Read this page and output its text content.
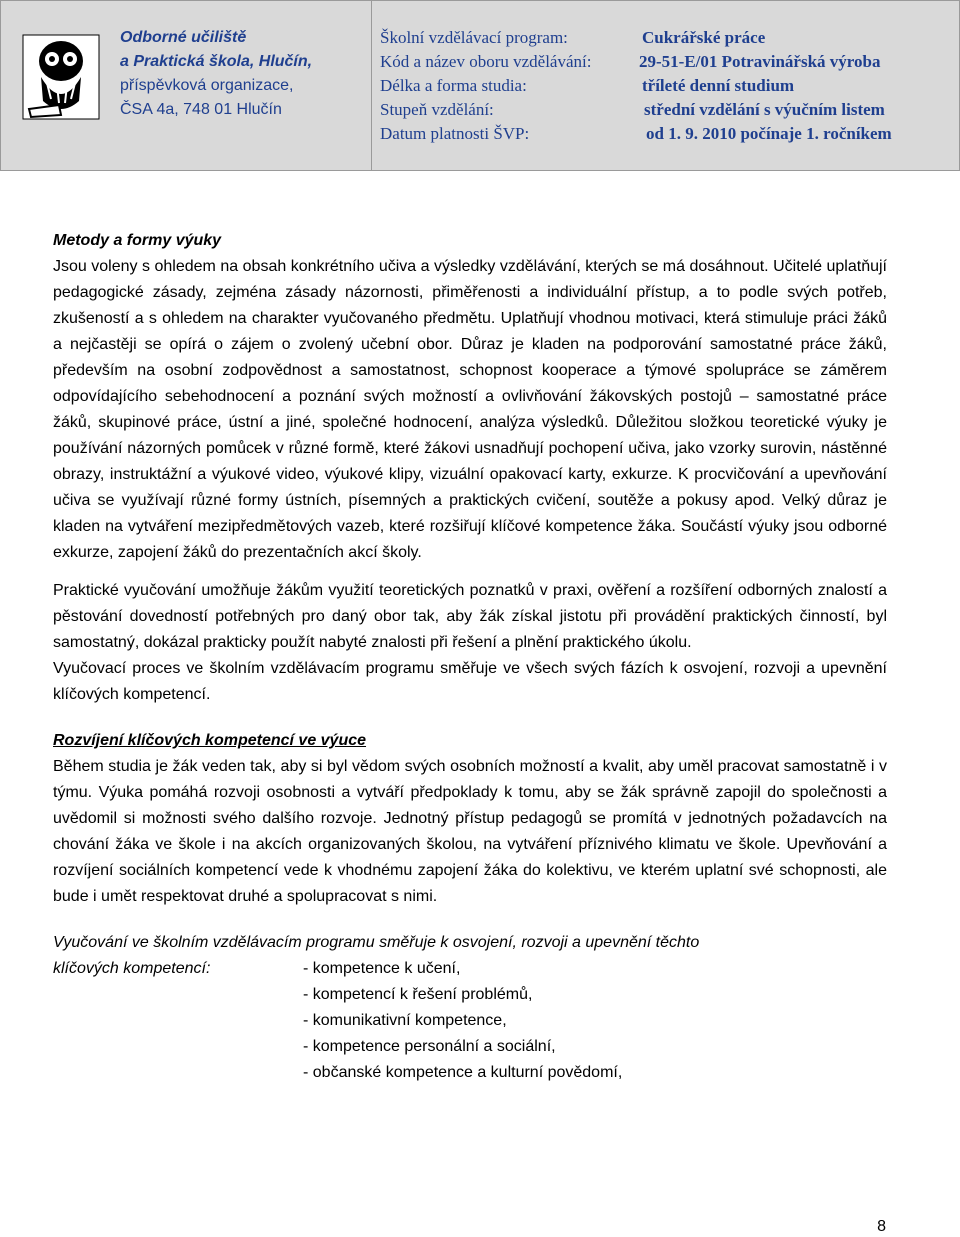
Odborné učiliště
a Praktická škola, Hlučín,
příspěvková organizace,
ČSA 4a, 748 01 Hlučín
Školní vzdělávací program:	Cukrářské práce
Kód a název oboru vzdělávání:	29-51-E/01 Potravinářská výroba
Délka a forma studia:	tříleté denní studium
Stupeň vzdělání:	střední vzdělání s výučním listem
Datum platnosti ŠVP:	od 1. 9. 2010 počínaje 1. ročníkem
Metody a formy výuky

Jsou voleny s ohledem na obsah konkrétního učiva a výsledky vzdělávání, kterých se má dosáhnout. Učitelé uplatňují pedagogické zásady, zejména zásady názornosti, přiměřenosti a individuální přístup, a to podle svých potřeb, zkušeností a s ohledem na charakter vyučovaného předmětu. Uplatňují vhodnou motivaci, která stimuluje práci žáků a nejčastěji se opírá o zájem o zvolený učební obor. Důraz je kladen na podporování samostatné práce žáků, především na osobní zodpovědnost a samostatnost, schopnost kooperace a týmové spolupráce se záměrem odpovídajícího sebehodnocení a poznání svých možností a ovlivňování žákovských postojů – samostatné práce žáků, skupinové práce, ústní a jiné, společné hodnocení, analýza výsledků. Důležitou složkou teoretické výuky je používání názorných pomůcek v různé formě, které žákovi usnadňují pochopení učiva, jako vzorky surovin, nástěnné obrazy, instruktážní a výukové video, výukové klipy, vizuální opakovací karty, exkurze. K procvičování a upevňování učiva se využívají různé formy ústních, písemných a praktických cvičení, soutěže a pokusy apod. Velký důraz je kladen na vytváření mezipředmětových vazeb, které rozšiřují klíčové kompetence žáka. Součástí výuky jsou odborné exkurze, zapojení žáků do prezentačních akcí školy.

Praktické vyučování umožňuje žákům využití teoretických poznatků v praxi, ověření a rozšíření odborných znalostí a pěstování dovedností potřebných pro daný obor tak, aby žák získal jistotu při provádění praktických činností, byl samostatný, dokázal prakticky použít nabyté znalosti při řešení a plnění praktického úkolu.

Vyučovací proces ve školním vzdělávacím programu směřuje ve všech svých fázích k osvojení, rozvoji a upevnění klíčových kompetencí.

Rozvíjení klíčových kompetencí ve výuce

Během studia je žák veden tak, aby si byl vědom svých osobních možností a kvalit, aby uměl pracovat samostatně i v týmu. Výuka pomáhá rozvoji osobnosti a vytváří předpoklady k tomu, aby se žák správně zapojil do společnosti a uvědomil si možnosti svého dalšího rozvoje. Jednotný přístup pedagogů se promítá v jednotných požadavcích na chování žáka ve škole i na akcích organizovaných školou, na vytváření příznivého klimatu ve škole. Upevňování a rozvíjení sociálních kompetencí vede k vhodnému zapojení žáka do kolektivu, ve kterém uplatní své schopnosti, ale bude i umět respektovat druhé a spolupracovat s nimi.

Vyučování ve školním vzdělávacím programu směřuje k osvojení, rozvoji a upevnění těchto
klíčových kompetencí:	- kompetence k učení,
- kompetencí k řešení problémů,
- komunikativní kompetence,
- kompetence personální a sociální,
- občanské kompetence a kulturní povědomí,
8
